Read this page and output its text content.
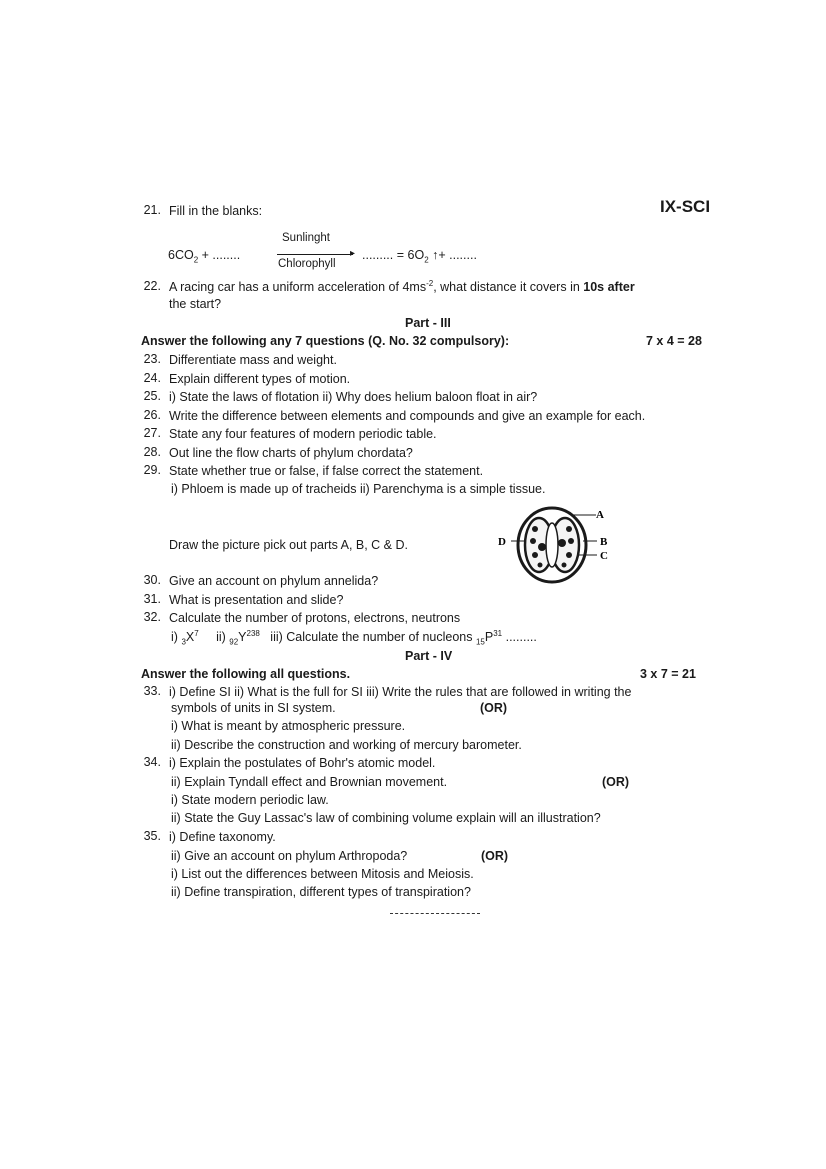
IX-SCI
21. Fill in the blanks:
$6CO_2$ + ........
Sunlinght
▸
Chlorophyll
......... = $6O_2$ ↑+ ........
22. A racing car has a uniform acceleration of $4ms^{-2}$, what distance it covers in 10s after
the start?
Part - III
Answer the following any 7 questions (Q. No. 32 compulsory):	7 x 4 = 28
23. Differentiate mass and weight.
24. Explain different types of motion.
25. i) State the laws of flotation ii) Why does helium baloon float in air?
26. Write the difference between elements and compounds and give an example for each.
27. State any four features of modern periodic table.
28. Out line the flow charts of phylum chordata?
29. State whether true or false, if false correct the statement.
i) Phloem is made up of tracheids ii) Parenchyma is a simple tissue.
Draw the picture pick out parts A, B, C & D.	D
A
B
C
30. Give an account on phylum annelida?
31. What is presentation and slide?
32. Calculate the number of protons, electrons, neutrons
i) $_3X^7$ ii) $_{92}Y^{238}$ iii) Calculate the number of nucleons $_{15}P^{31}$ .........
Part - IV
Answer the following all questions.	3 x 7 = 21
33. i) Define SI ii) What is the full for SI iii) Write the rules that are followed in writing the
symbols of units in SI system.	(OR)
i) What is meant by atmospheric pressure.
ii) Describe the construction and working of mercury barometer.
34. i) Explain the postulates of Bohr's atomic model.
ii) Explain Tyndall effect and Brownian movement.	(OR)
i) State modern periodic law.
ii) State the Guy Lassac's law of combining volume explain will an illustration?
35. i) Define taxonomy.
ii) Give an account on phylum Arthropoda?	(OR)
i) List out the differences between Mitosis and Meiosis.
ii) Define transpiration, different types of transpiration?
